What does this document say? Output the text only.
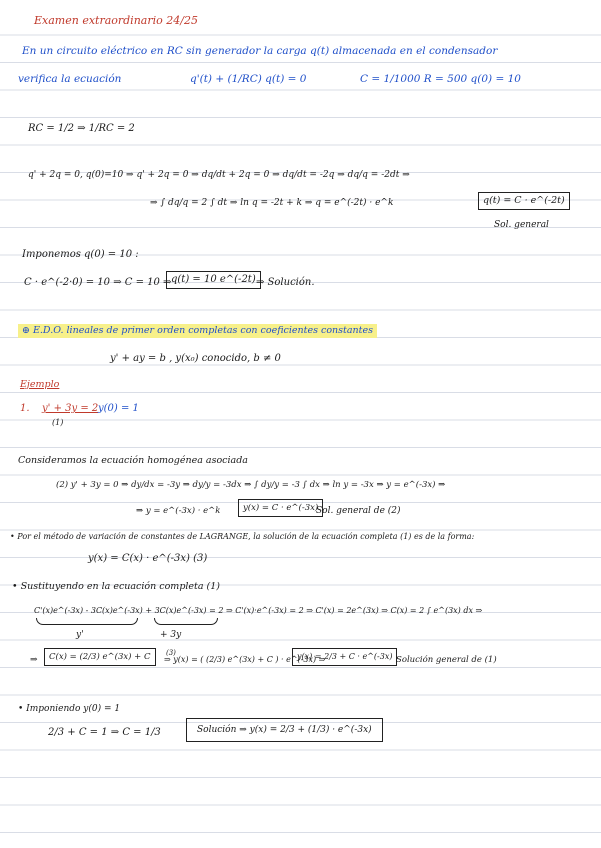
Examen extraordinario 24/25
En un circuito eléctrico en RC sin generador la carga q(t) almacenada en el condensador
verifica la ecuación	q'(t) + (1/RC) q(t) = 0	C = 1/1000 R = 500 q(0) = 10
RC = 1/2 ⇒ 1/RC = 2
q' + 2q = 0, q(0)=10 ⇒ q' + 2q = 0 ⇒ dq/dt + 2q = 0 ⇒ dq/dt = -2q ⇒ dq/q = -2dt ⇒
⇒ ∫ dq/q = 2 ∫ dt ⇒ ln q = -2t + k ⇒ q = e^(-2t) · e^k	q(t) = C · e^(-2t)
Sol. general
Imponemos q(0) = 10 :
C · e^(-2·0) = 10 ⇒ C = 10 ⇒ q(t) = 10 e^(-2t) ⇒ Solución.
⊕ E.D.O. lineales de primer orden completas con coeficientes constantes
y' + ay = b , y(x₀) conocido, b ≠ 0
Ejemplo
1. y' + 3y = 2
(1)
y(0) = 1
Consideramos la ecuación homogénea asociada
(2) y' + 3y = 0 ⇒ dy/dx = -3y ⇒ dy/y = -3dx ⇒ ∫ dy/y = -3 ∫ dx ⇒ ln y = -3x ⇒ y = e^(-3x) ⇒
⇒ y = e^(-3x) · e^k	y(x) = C · e^(-3x)
Sol. general de (2)
• Por el método de variación de constantes de LAGRANGE, la solución de la ecuación completa (1) es de la forma:
y(x) = C(x) · e^(-3x) (3)
• Sustituyendo en la ecuación completa (1)
C'(x)e^(-3x) - 3C(x)e^(-3x) + 3C(x)e^(-3x) = 2 ⇒ C'(x)·e^(-3x) = 2 ⇒ C'(x) = 2e^(3x) ⇒ C(x) = 2 ∫ e^(3x) dx ⇒
y'	+ 3y
⇒	C(x) = (2/3) e^(3x) + C	(3)
⇒ y(x) = ( (2/3) e^(3x) + C ) · e^(-3x) ⇒
y(x) = 2/3 + C · e^(-3x) Solución general de (1)
• Imponiendo y(0) = 1
2/3 + C = 1 ⇒ C = 1/3	Solución ⇒ y(x) = 2/3 + (1/3) · e^(-3x)
